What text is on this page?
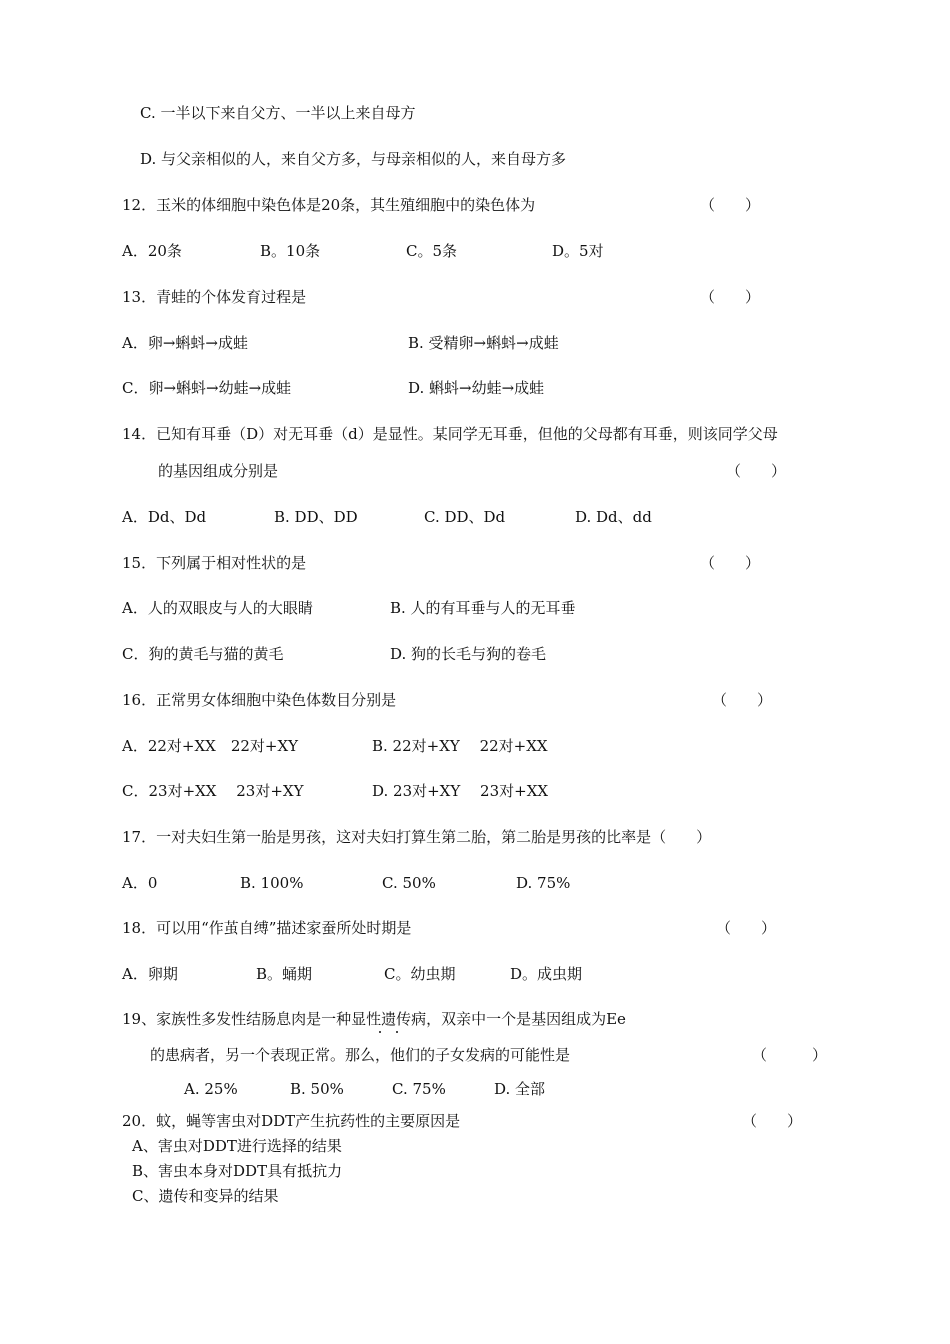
C. 一半以下来自父方、一半以上来自母方
D. 与父亲相似的人，来自父方多，与母亲相似的人，来自母方多
12．玉米的体细胞中染色体是20条，其生殖细胞中的染色体为	（　　）
A．20条	B。10条	C。5条	D。5对
13．青蛙的个体发育过程是	（　　）
A．卵→蝌蚪→成蛙	B. 受精卵→蝌蚪→成蛙
C．卵→蝌蚪→幼蛙→成蛙	D. 蝌蚪→幼蛙→成蛙
14．已知有耳垂（D）对无耳垂（d）是显性。某同学无耳垂，但他的父母都有耳垂，则该同学父母
的基因组成分别是	（　　）
A．Dd、Dd	B. DD、DD	C. DD、Dd	D. Dd、dd
15．下列属于相对性状的是	（　　）
A．人的双眼皮与人的大眼睛	B. 人的有耳垂与人的无耳垂
C．狗的黄毛与猫的黄毛	D. 狗的长毛与狗的卷毛
16．正常男女体细胞中染色体数目分别是	（　　）
A．22对+XX　22对+XY	B. 22对+XY　 22对+XX
C．23对+XX　 23对+XY	D. 23对+XY　 23对+XX
17．一对夫妇生第一胎是男孩，这对夫妇打算生第二胎，第二胎是男孩的比率是（　　）
A．0	B. 100%	C. 50%	D. 75%
18．可以用“作茧自缚”描述家蚕所处时期是	（　　）
A．卵期	B。蛹期	C。幼虫期	D。成虫期
19、家族性多发性结肠息肉是一种显性遗传病，双亲中一个是基因组成为Ee
的患病者，另一个表现正常。那么，他们的子女发病的可能性是	（　　　）
A. 25%	B. 50%	C. 75%	D. 全部
20．蚊，蝇等害虫对DDT产生抗药性的主要原因是	（　　）
A、害虫对DDT进行选择的结果
B、害虫本身对DDT具有抵抗力
C、遗传和变异的结果
